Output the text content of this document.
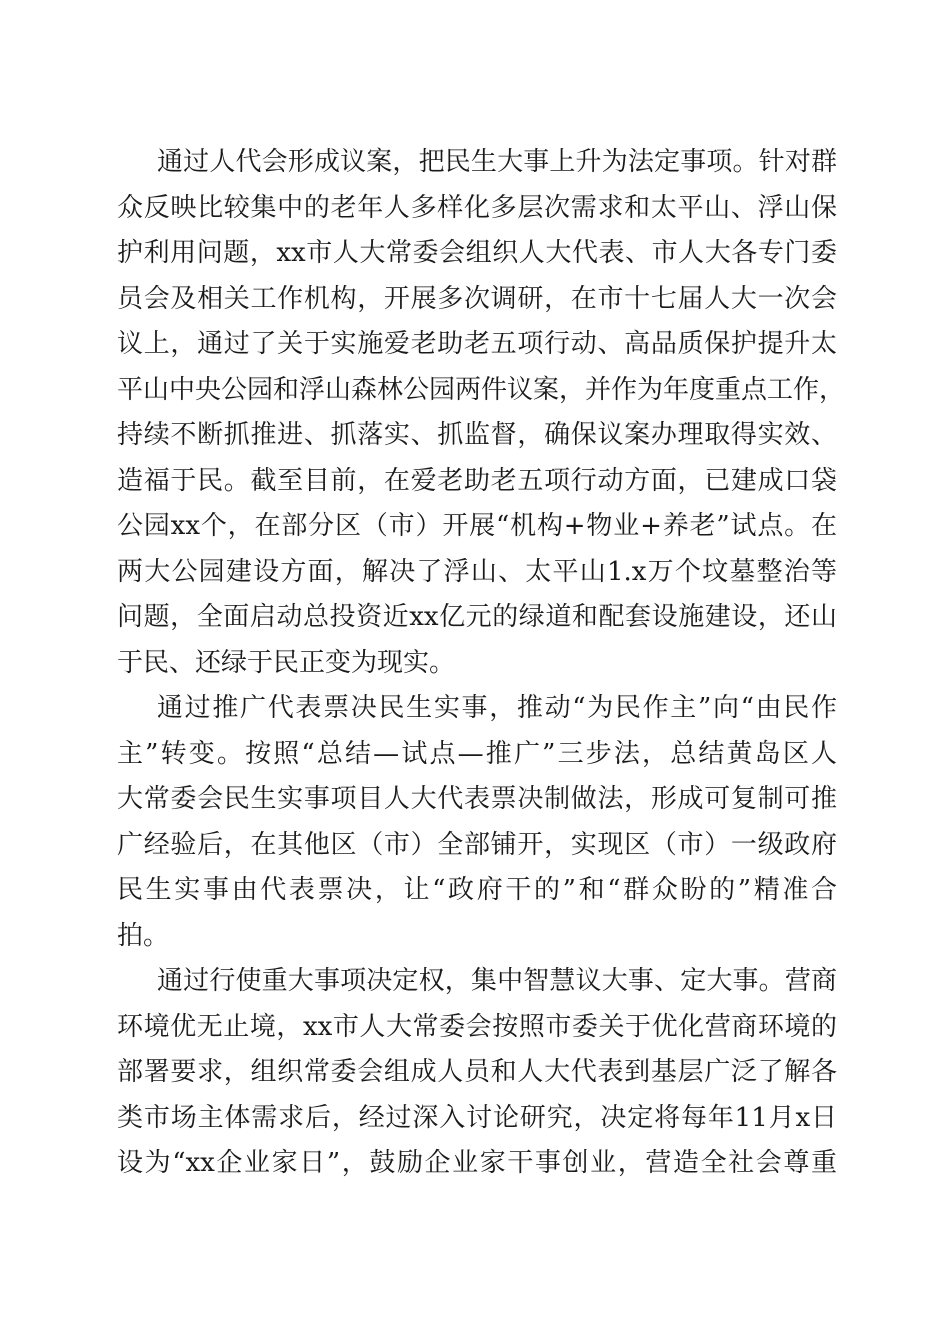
通过人代会形成议案，把民生大事上升为法定事项。针对群
众反映比较集中的老年人多样化多层次需求和太平山、浮山保
护利用问题，xx市人大常委会组织人大代表、市人大各专门委
员会及相关工作机构，开展多次调研，在市十七届人大一次会
议上，通过了关于实施爱老助老五项行动、高品质保护提升太
平山中央公园和浮山森林公园两件议案，并作为年度重点工作，
持续不断抓推进、抓落实、抓监督，确保议案办理取得实效、
造福于民。截至目前，在爱老助老五项行动方面，已建成口袋
公园xx个，在部分区（市）开展“机构+物业+养老”试点。在
两大公园建设方面，解决了浮山、太平山1.x万个坟墓整治等
问题，全面启动总投资近xx亿元的绿道和配套设施建设，还山
于民、还绿于民正变为现实。
通过推广代表票决民生实事，推动“为民作主”向“由民作
主”转变。按照“总结—试点—推广”三步法，总结黄岛区人
大常委会民生实事项目人大代表票决制做法，形成可复制可推
广经验后，在其他区（市）全部铺开，实现区（市）一级政府
民生实事由代表票决，让“政府干的”和“群众盼的”精准合
拍。
通过行使重大事项决定权，集中智慧议大事、定大事。营商
环境优无止境，xx市人大常委会按照市委关于优化营商环境的
部署要求，组织常委会组成人员和人大代表到基层广泛了解各
类市场主体需求后，经过深入讨论研究，决定将每年11月x日
设为“xx企业家日”，鼓励企业家干事创业，营造全社会尊重
